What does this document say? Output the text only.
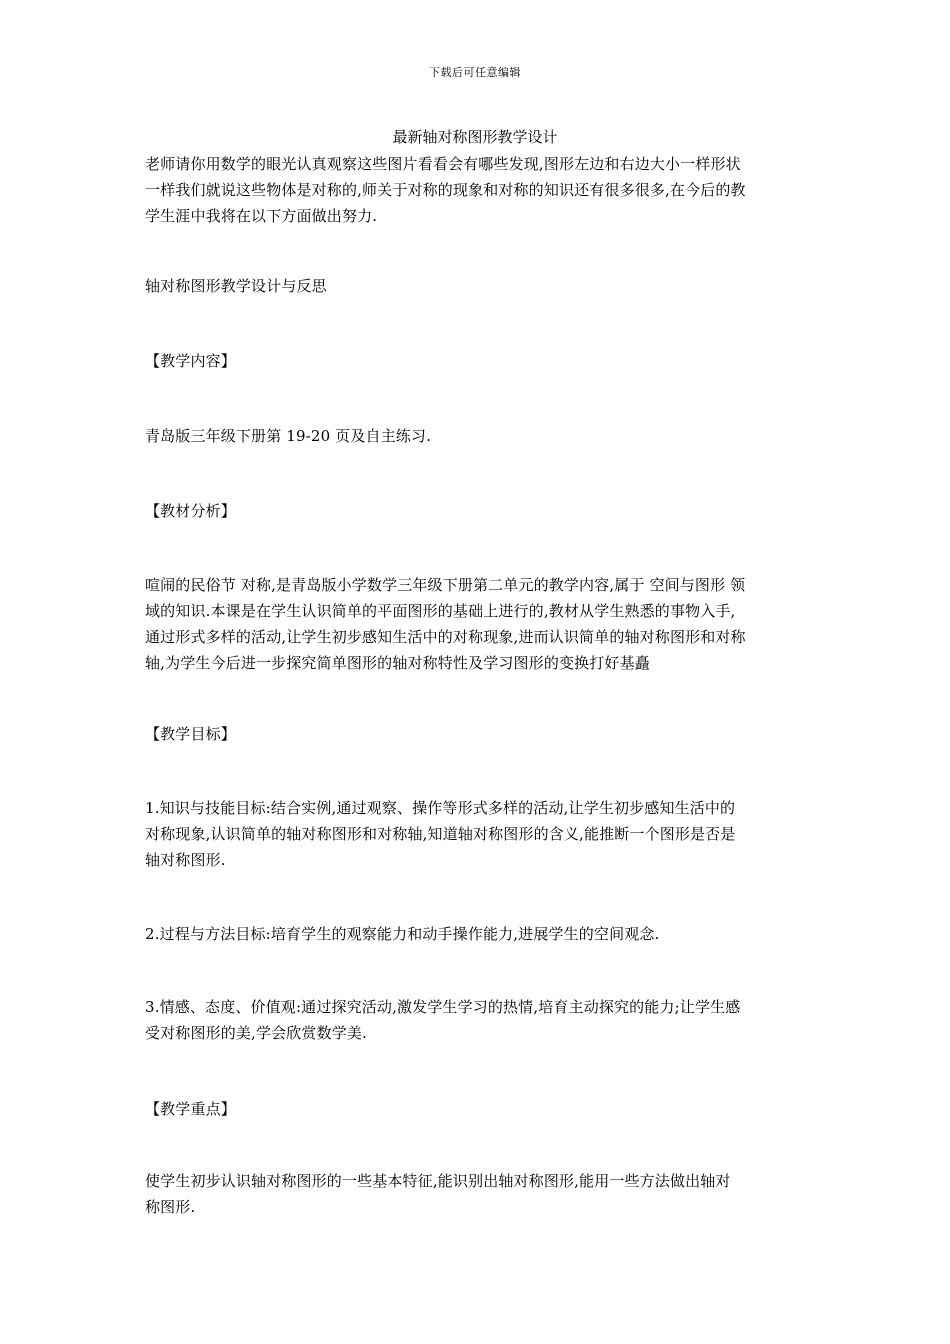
下载后可任意编辑
最新轴对称图形教学设计

老师请你用数学的眼光认真观察这些图片看看会有哪些发现,图形左边和右边大小一样形状
一样我们就说这些物体是对称的,师关于对称的现象和对称的知识还有很多很多,在今后的教
学生涯中我将在以下方面做出努力.

轴对称图形教学设计与反思

【教学内容】

青岛版三年级下册第 19-20 页及自主练习.

【教材分析】

喧闹的民俗节 对称,是青岛版小学数学三年级下册第二单元的教学内容,属于 空间与图形 领
域的知识.本课是在学生认识简单的平面图形的基础上进行的,教材从学生熟悉的事物入手,
通过形式多样的活动,让学生初步感知生活中的对称现象,进而认识简单的轴对称图形和对称
轴,为学生今后进一步探究简单图形的轴对称特性及学习图形的变换打好基矗

【教学目标】

1.知识与技能目标:结合实例,通过观察、操作等形式多样的活动,让学生初步感知生活中的
对称现象,认识简单的轴对称图形和对称轴,知道轴对称图形的含义,能推断一个图形是否是
轴对称图形.

2.过程与方法目标:培育学生的观察能力和动手操作能力,进展学生的空间观念.

3.情感、态度、价值观:通过探究活动,激发学生学习的热情,培育主动探究的能力;让学生感
受对称图形的美,学会欣赏数学美.

【教学重点】

使学生初步认识轴对称图形的一些基本特征,能识别出轴对称图形,能用一些方法做出轴对
称图形.
